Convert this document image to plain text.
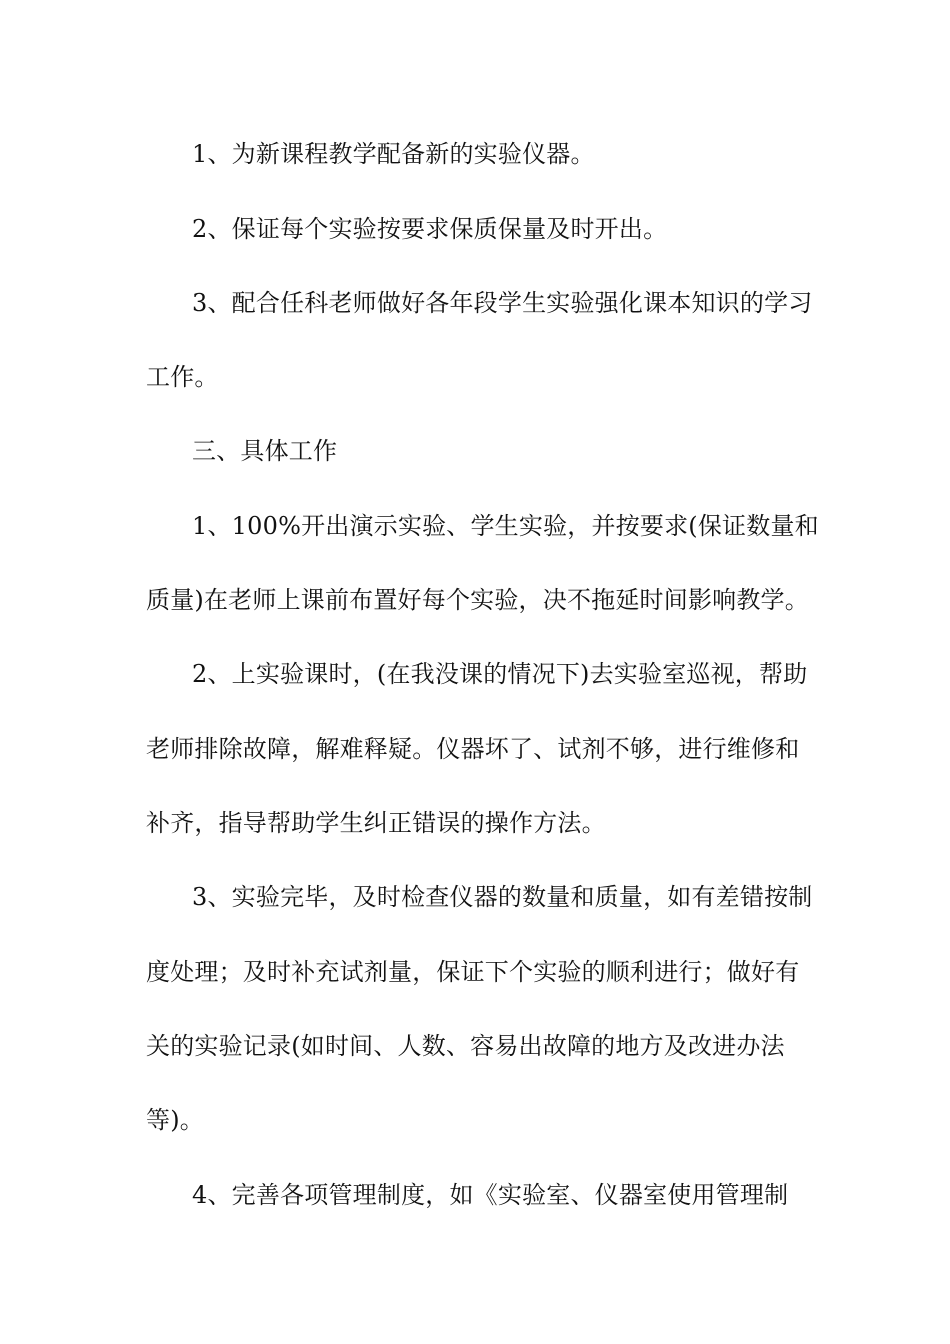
1、为新课程教学配备新的实验仪器。
2、保证每个实验按要求保质保量及时开出。
3、配合任科老师做好各年段学生实验强化课本知识的学习
工作。
三、具体工作
1、100%开出演示实验、学生实验，并按要求(保证数量和
质量)在老师上课前布置好每个实验，决不拖延时间影响教学。
2、上实验课时，(在我没课的情况下)去实验室巡视，帮助
老师排除故障，解难释疑。仪器坏了、试剂不够，进行维修和
补齐，指导帮助学生纠正错误的操作方法。
3、实验完毕，及时检查仪器的数量和质量，如有差错按制
度处理；及时补充试剂量，保证下个实验的顺利进行；做好有
关的实验记录(如时间、人数、容易出故障的地方及改进办法
等)。
4、完善各项管理制度，如《实验室、仪器室使用管理制
